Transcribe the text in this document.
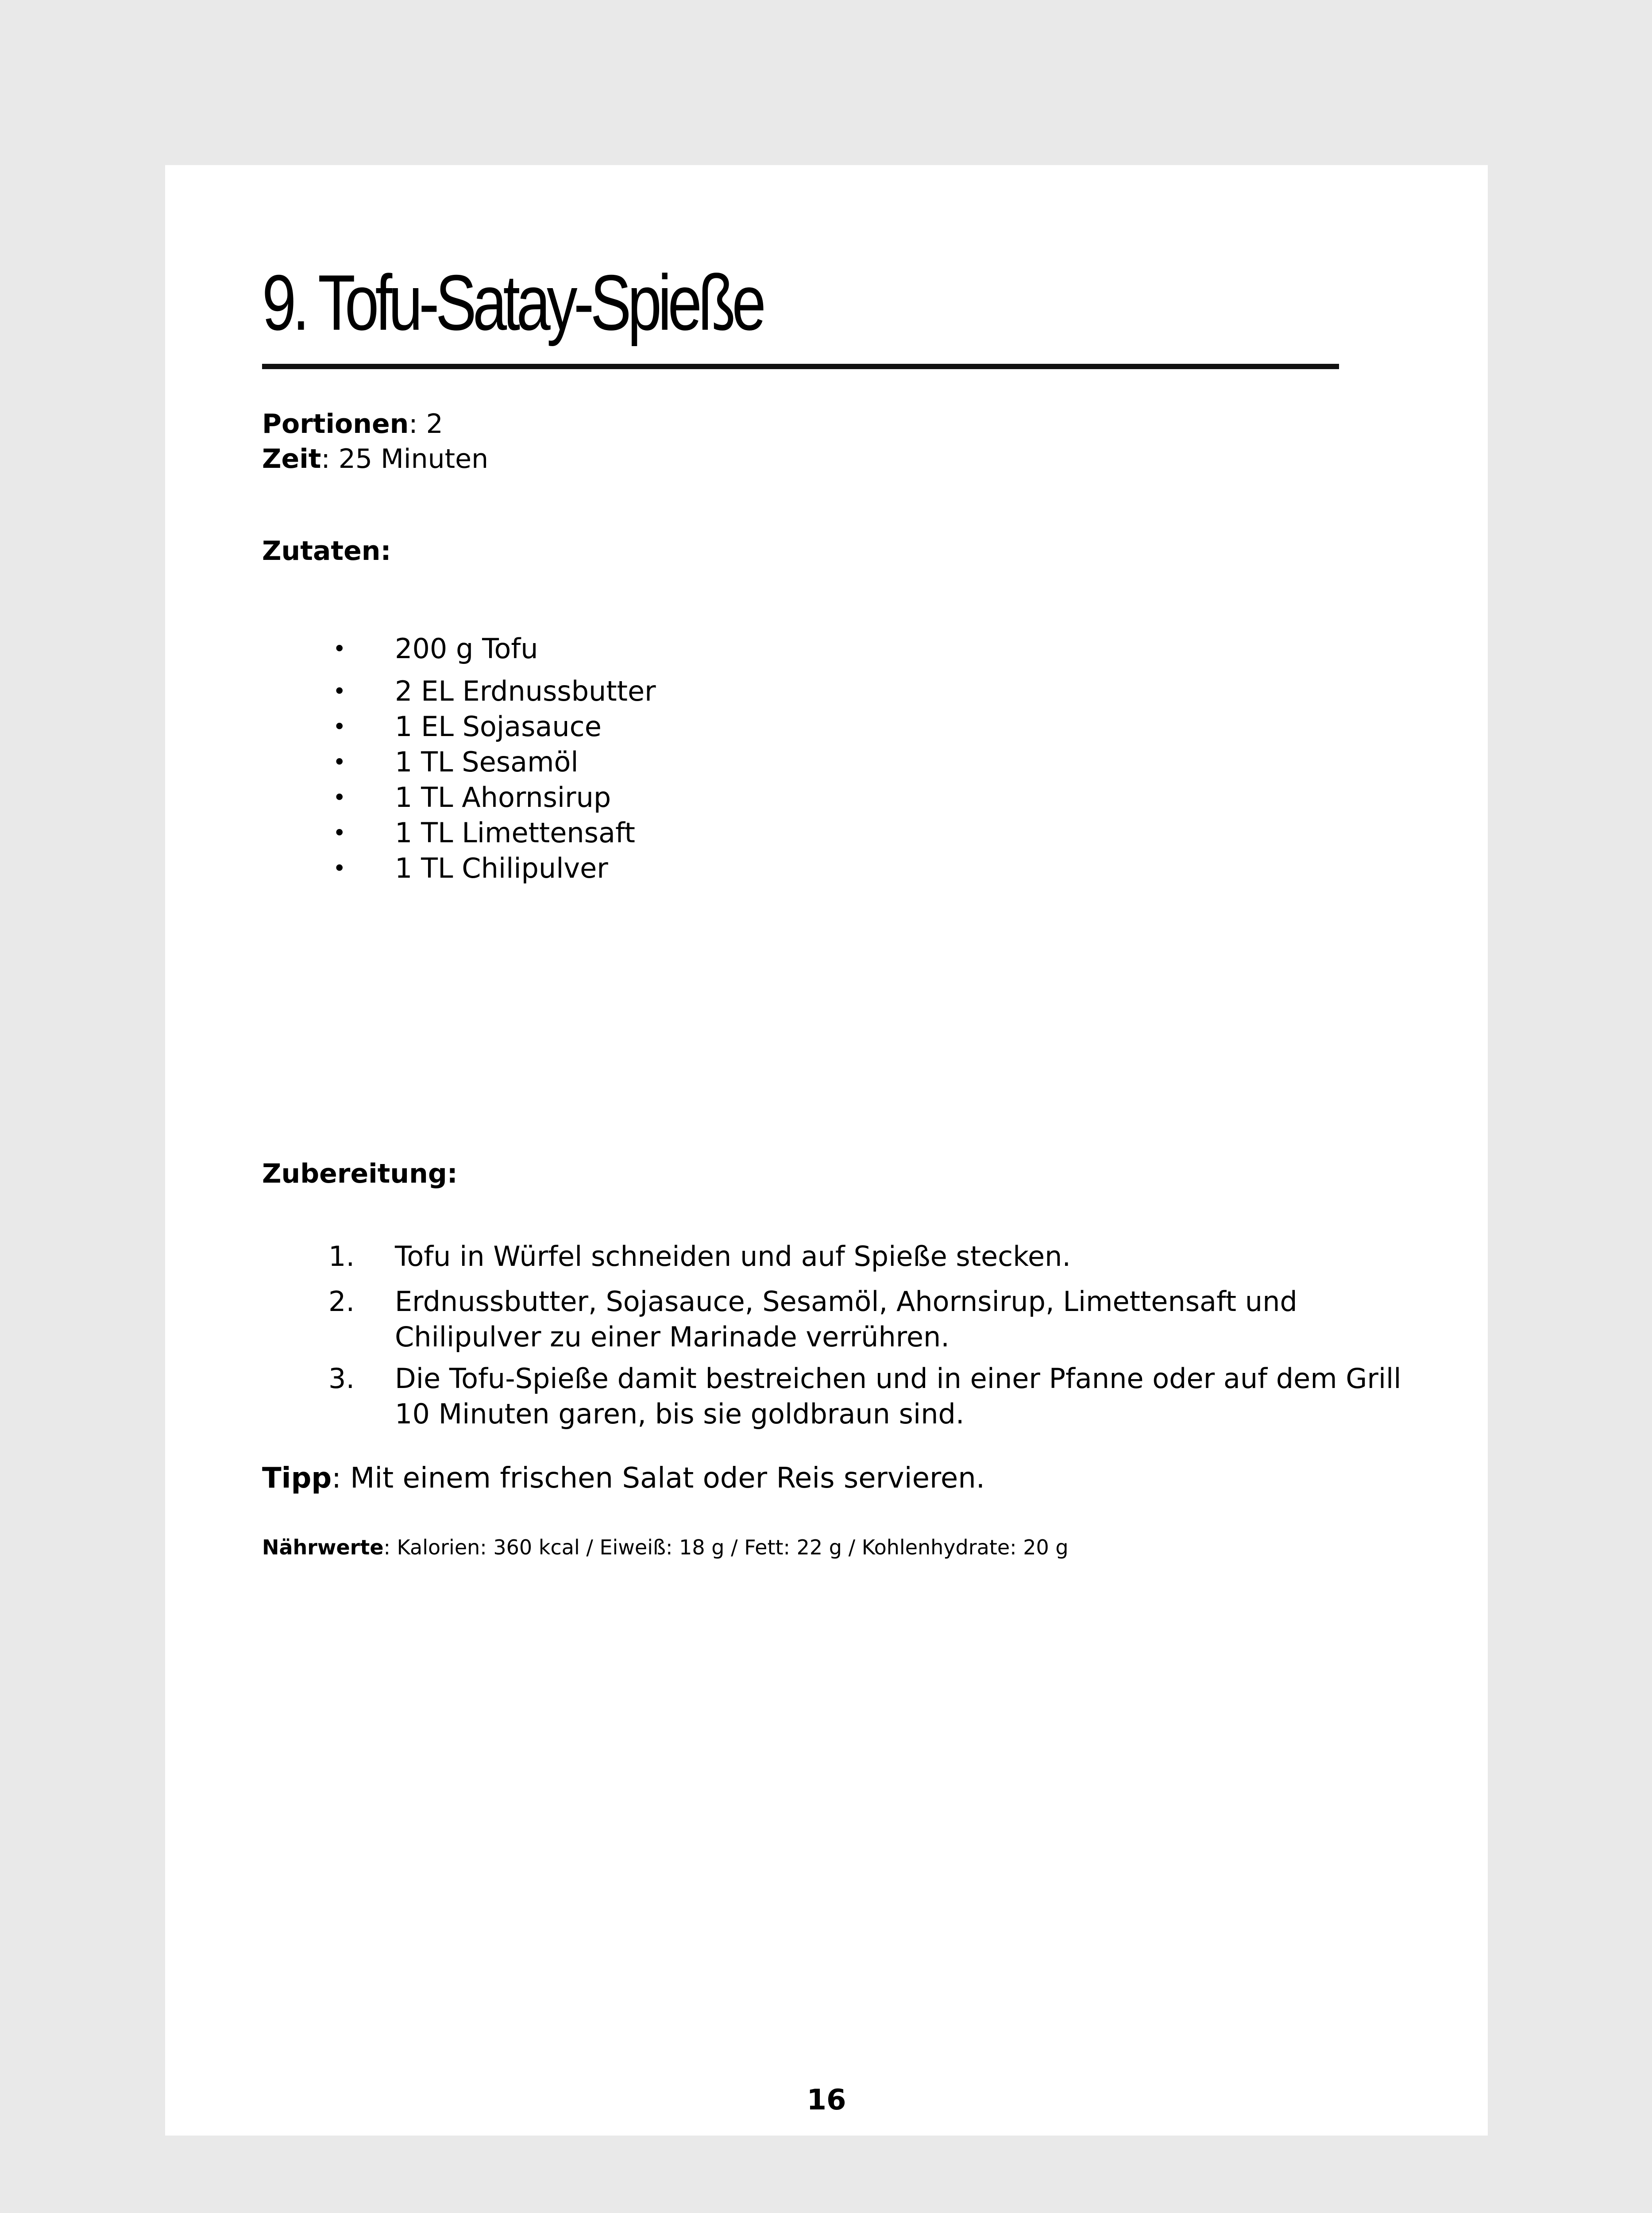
9. Tofu-Satay-Spieße
Portionen: 2
Zeit: 25 Minuten
Zutaten:
• 200 g Tofu
• 2 EL Erdnussbutter
• 1 EL Sojasauce
• 1 TL Sesamöl
• 1 TL Ahornsirup
• 1 TL Limettensaft
• 1 TL Chilipulver
Zubereitung:
1. Tofu in Würfel schneiden und auf Spieße stecken.
2. Erdnussbutter, Sojasauce, Sesamöl, Ahornsirup, Limettensaft und Chilipulver zu einer Marinade verrühren.
3. Die Tofu-Spieße damit bestreichen und in einer Pfanne oder auf dem Grill 10 Minuten garen, bis sie goldbraun sind.
Tipp: Mit einem frischen Salat oder Reis servieren.
Nährwerte: Kalorien: 360 kcal / Eiweiß: 18 g / Fett: 22 g / Kohlenhydrate: 20 g
16
